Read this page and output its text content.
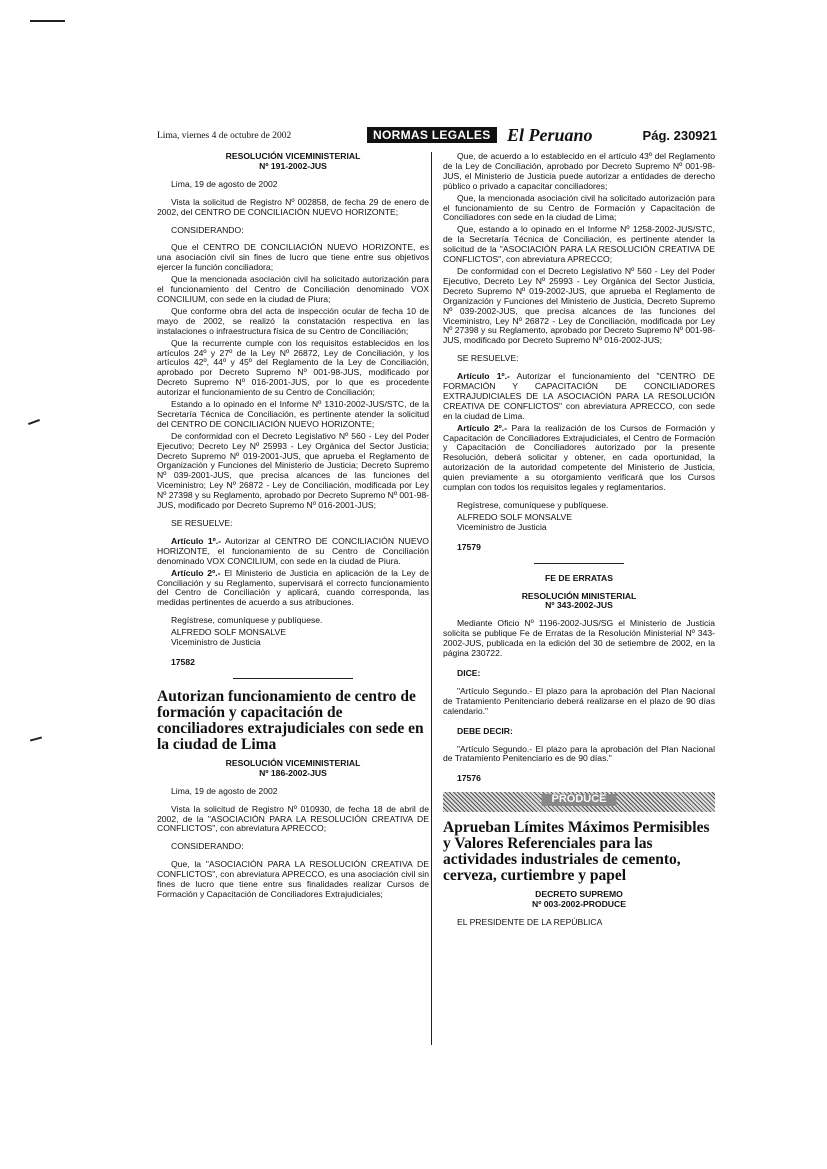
Lima, viernes 4 de octubre de 2002	NORMAS LEGALES El Peruano	Pág. 230921
RESOLUCIÓN VICEMINISTERIAL
Nº 191-2002-JUS

Lima, 19 de agosto de 2002

Vista la solicitud de Registro Nº 002858, de fecha 29 de enero de 2002, del CENTRO DE CONCILIACIÓN NUEVO HORIZONTE;

CONSIDERANDO:

Que el CENTRO DE CONCILIACIÓN NUEVO HORIZONTE, es una asociación civil sin fines de lucro que tiene entre sus objetivos ejercer la función conciliadora;

Que la mencionada asociación civil ha solicitado autorización para el funcionamiento del Centro de Conciliación denominado VOX CONCILIUM, con sede en la ciudad de Piura;

Que conforme obra del acta de inspección ocular de fecha 10 de mayo de 2002, se realizó la constatación respectiva en las instalaciones o infraestructura física de su Centro de Conciliación;

Que la recurrente cumple con los requisitos establecidos en los artículos 24º y 27º de la Ley Nº 26872, Ley de Conciliación, y los artículos 42º, 44º y 45º del Reglamento de la Ley de Conciliación, aprobado por Decreto Supremo Nº 001-98-JUS, modificado por Decreto Supremo Nº 016-2001-JUS, por lo que es procedente autorizar el funcionamiento de su Centro de Conciliación;

Estando a lo opinado en el Informe Nº 1310-2002-JUS/STC, de la Secretaría Técnica de Conciliación, es pertinente atender la solicitud del CENTRO DE CONCILIACIÓN NUEVO HORIZONTE;

De conformidad con el Decreto Legislativo Nº 560 - Ley del Poder Ejecutivo; Decreto Ley Nº 25993 - Ley Orgánica del Sector Justicia; Decreto Supremo Nº 019-2001-JUS, que aprueba el Reglamento de Organización y Funciones del Ministerio de Justicia; Decreto Supremo Nº 039-2001-JUS, que precisa alcances de las funciones del Viceministro; Ley Nº 26872 - Ley de Conciliación, modificada por Ley Nº 27398 y su Reglamento, aprobado por Decreto Supremo Nº 001-98-JUS, modificado por Decreto Supremo Nº 016-2001-JUS;

SE RESUELVE:

Artículo 1º.- Autorizar al CENTRO DE CONCILIACIÓN NUEVO HORIZONTE, el funcionamiento de su Centro de Conciliación denominado VOX CONCILIUM, con sede en la ciudad de Piura.

Artículo 2º.- El Ministerio de Justicia en aplicación de la Ley de Conciliación y su Reglamento, supervisará el correcto funcionamiento del Centro de Conciliación y aplicará, cuando corresponda, las medidas pertinentes de acuerdo a sus atribuciones.

Regístrese, comuníquese y publíquese.

ALFREDO SOLF MONSALVE

Viceministro de Justicia

17582

Autorizan funcionamiento de centro de formación y capacitación de conciliadores extrajudiciales con sede en la ciudad de Lima
RESOLUCIÓN VICEMINISTERIAL
Nº 186-2002-JUS

Lima, 19 de agosto de 2002

Vista la solicitud de Registro Nº 010930, de fecha 18 de abril de 2002, de la "ASOCIACIÓN PARA LA RESOLUCIÓN CREATIVA DE CONFLICTOS", con abreviatura APRECCO;

CONSIDERANDO:

Que, la "ASOCIACIÓN PARA LA RESOLUCIÓN CREATIVA DE CONFLICTOS", con abreviatura APRECCO, es una asociación civil sin fines de lucro que tiene entre sus finalidades realizar Cursos de Formación y Capacitación de Conciliadores Extrajudiciales;

Que, de acuerdo a lo establecido en el artículo 43º del Reglamento de la Ley de Conciliación, aprobado por Decreto Supremo Nº 001-98-JUS, el Ministerio de Justicia puede autorizar a entidades de derecho público o privado a capacitar conciliadores;

Que, la mencionada asociación civil ha solicitado autorización para el funcionamiento de su Centro de Formación y Capacitación de Conciliadores con sede en la ciudad de Lima;

Que, estando a lo opinado en el Informe Nº 1258-2002-JUS/STC, de la Secretaría Técnica de Conciliación, es pertinente atender la solicitud de la "ASOCIACIÓN PARA LA RESOLUCIÓN CREATIVA DE CONFLICTOS", con abreviatura APRECCO;

De conformidad con el Decreto Legislativo Nº 560 - Ley del Poder Ejecutivo, Decreto Ley Nº 25993 - Ley Orgánica del Sector Justicia, Decreto Supremo Nº 019-2002-JUS, que aprueba el Reglamento de Organización y Funciones del Ministerio de Justicia, Decreto Supremo Nº 039-2002-JUS, que precisa alcances de las funciones del Viceministro, Ley Nº 26872 - Ley de Conciliación, modificada por Ley Nº 27398 y su Reglamento, aprobado por Decreto Supremo Nº 001-98-JUS, modificado por Decreto Supremo Nº 016-2002-JUS;

SE RESUELVE:

Artículo 1º.- Autorizar el funcionamiento del "CENTRO DE FORMACIÓN Y CAPACITACIÓN DE CONCILIADORES EXTRAJUDICIALES DE LA ASOCIACIÓN PARA LA RESOLUCIÓN CREATIVA DE CONFLICTOS" con abreviatura APRECCO, con sede en la ciudad de Lima.

Artículo 2º.- Para la realización de los Cursos de Formación y Capacitación de Conciliadores Extrajudiciales, el Centro de Formación y Capacitación de Conciliadores autorizado por la presente Resolución, deberá solicitar y obtener, en cada oportunidad, la autorización de la autoridad competente del Ministerio de Justicia, quien previamente a su otorgamiento verificará que los Cursos cumplan con todos los requisitos legales y reglamentarios.

Regístrese, comuníquese y publíquese.

ALFREDO SOLF MONSALVE

Viceministro de Justicia

17579

FE DE ERRATAS
RESOLUCIÓN MINISTERIAL
Nº 343-2002-JUS

Mediante Oficio Nº 1196-2002-JUS/SG el Ministerio de Justicia solicita se publique Fe de Erratas de la Resolución Ministerial Nº 343-2002-JUS, publicada en la edición del 30 de setiembre de 2002, en la página 230722.

DICE:

"Artículo Segundo.- El plazo para la aprobación del Plan Nacional de Tratamiento Penitenciario deberá realizarse en el plazo de 90 días calendario."

DEBE DECIR:

"Artículo Segundo.- El plazo para la aprobación del Plan Nacional de Tratamiento Penitenciario es de 90 días."

17576

PRODUCE
Aprueban Límites Máximos Permisibles y Valores Referenciales para las actividades industriales de cemento, cerveza, curtiembre y papel
DECRETO SUPREMO
Nº 003-2002-PRODUCE

EL PRESIDENTE DE LA REPÚBLICA
